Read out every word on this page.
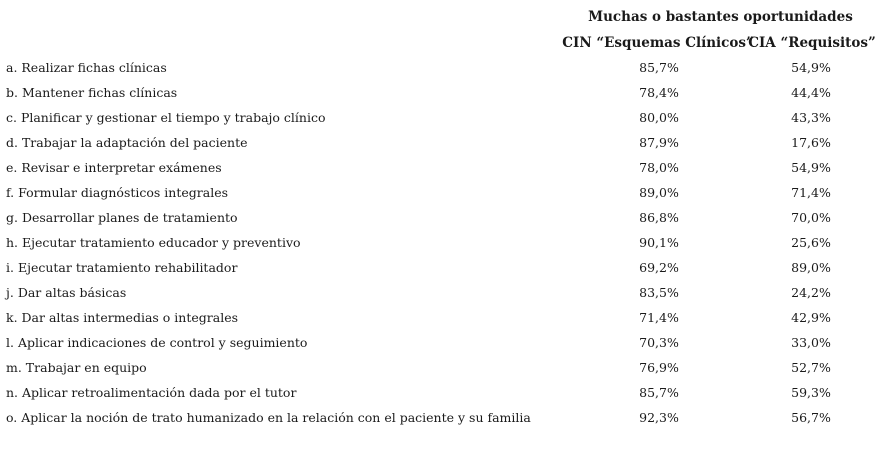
Muchas o bastantes oportunidades
CIN “Esquemas Clínicos”
CIA “Requisitos”
a. Realizar fichas clínicas	85,7%	54,9%
b. Mantener fichas clínicas	78,4%	44,4%
c. Planificar y gestionar el tiempo y trabajo clínico	80,0%	43,3%
d. Trabajar la adaptación del paciente	87,9%	17,6%
e. Revisar e interpretar exámenes	78,0%	54,9%
f. Formular diagnósticos integrales	89,0%	71,4%
g. Desarrollar planes de tratamiento	86,8%	70,0%
h. Ejecutar tratamiento educador y preventivo	90,1%	25,6%
i. Ejecutar tratamiento rehabilitador	69,2%	89,0%
j. Dar altas básicas	83,5%	24,2%
k. Dar altas intermedias o integrales	71,4%	42,9%
l. Aplicar indicaciones de control y seguimiento	70,3%	33,0%
m. Trabajar en equipo	76,9%	52,7%
n. Aplicar retroalimentación dada por el tutor	85,7%	59,3%
o. Aplicar la noción de trato humanizado en la relación con el paciente y su familia	92,3%	56,7%
